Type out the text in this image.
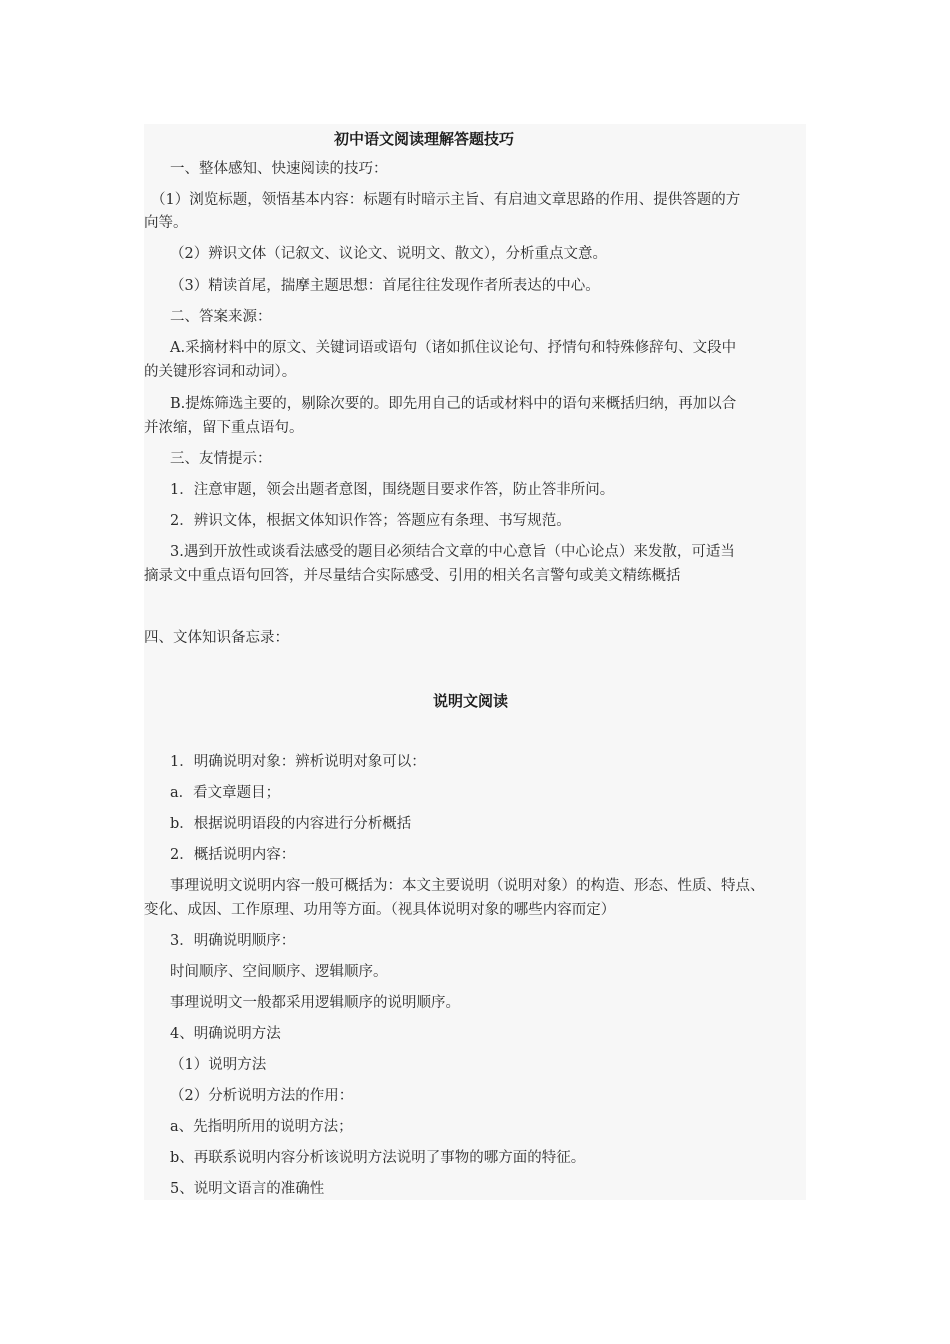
初中语文阅读理解答题技巧
一、整体感知、快速阅读的技巧：
（1）浏览标题，领悟基本内容：标题有时暗示主旨、有启迪文章思路的作用、提供答题的方
向等。
（2）辨识文体（记叙文、议论文、说明文、散文），分析重点文意。
（3）精读首尾，揣摩主题思想：首尾往往发现作者所表达的中心。
二、答案来源：
A.采摘材料中的原文、关键词语或语句（诸如抓住议论句、抒情句和特殊修辞句、文段中
的关键形容词和动词）。
B.提炼筛选主要的，剔除次要的。即先用自己的话或材料中的语句来概括归纳，再加以合
并浓缩，留下重点语句。
三、友情提示：
1．注意审题，领会出题者意图，围绕题目要求作答，防止答非所问。
2．辨识文体，根据文体知识作答；答题应有条理、书写规范。
3.遇到开放性或谈看法感受的题目必须结合文章的中心意旨（中心论点）来发散，可适当
摘录文中重点语句回答，并尽量结合实际感受、引用的相关名言警句或美文精练概括
四、文体知识备忘录：
说明文阅读
1．明确说明对象：辨析说明对象可以：
a．看文章题目；
b．根据说明语段的内容进行分析概括
2．概括说明内容：
事理说明文说明内容一般可概括为：本文主要说明（说明对象）的构造、形态、性质、特点、
变化、成因、工作原理、功用等方面。（视具体说明对象的哪些内容而定）
3．明确说明顺序：
时间顺序、空间顺序、逻辑顺序。
事理说明文一般都采用逻辑顺序的说明顺序。
4、明确说明方法
（1）说明方法
（2）分析说明方法的作用：
a、先指明所用的说明方法；
b、再联系说明内容分析该说明方法说明了事物的哪方面的特征。
5、说明文语言的准确性
